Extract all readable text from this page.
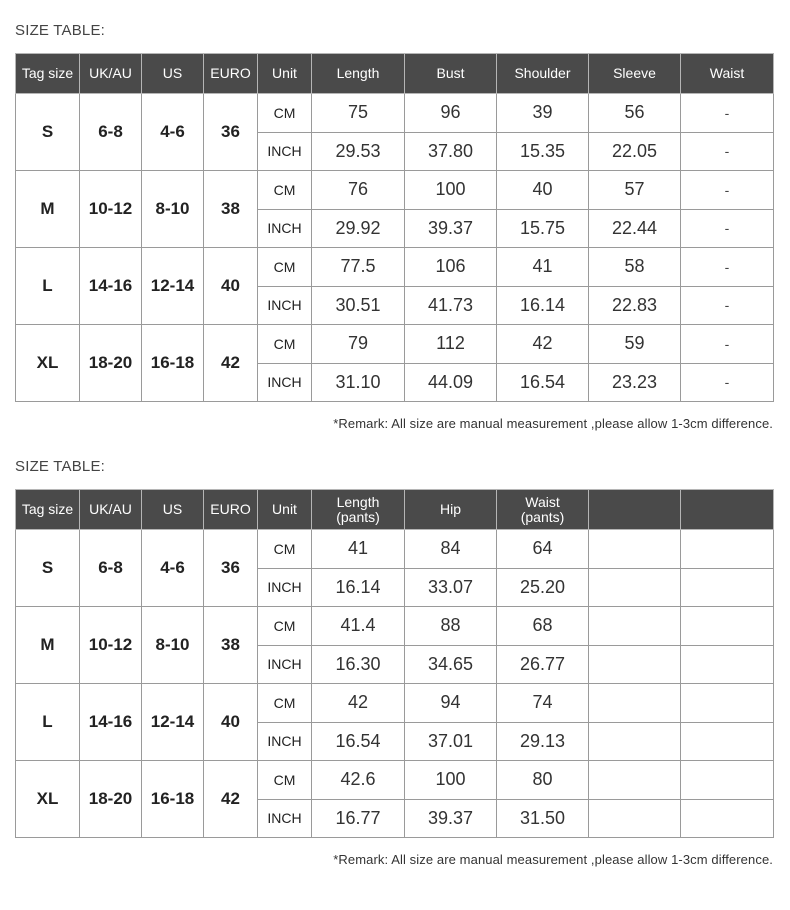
SIZE TABLE:
Tag size	UK/AU	US	EURO	Unit	Length	Bust	Shoulder	Sleeve	Waist
S	6-8	4-6	36	CM	75	96	39	56	-
				INCH	29.53	37.80	15.35	22.05	-
M	10-12	8-10	38	CM	76	100	40	57	-
				INCH	29.92	39.37	15.75	22.44	-
L	14-16	12-14	40	CM	77.5	106	41	58	-
				INCH	30.51	41.73	16.14	22.83	-
XL	18-20	16-18	42	CM	79	112	42	59	-
				INCH	31.10	44.09	16.54	23.23	-
*Remark: All size are manual measurement ,please allow 1-3cm difference.
SIZE TABLE:
Tag size	UK/AU	US	EURO	Unit	Length (pants)	Hip	Waist (pants)		
S	6-8	4-6	36	CM	41	84	64		
				INCH	16.14	33.07	25.20		
M	10-12	8-10	38	CM	41.4	88	68		
				INCH	16.30	34.65	26.77		
L	14-16	12-14	40	CM	42	94	74		
				INCH	16.54	37.01	29.13		
XL	18-20	16-18	42	CM	42.6	100	80		
				INCH	16.77	39.37	31.50		
*Remark: All size are manual measurement ,please allow 1-3cm difference.
